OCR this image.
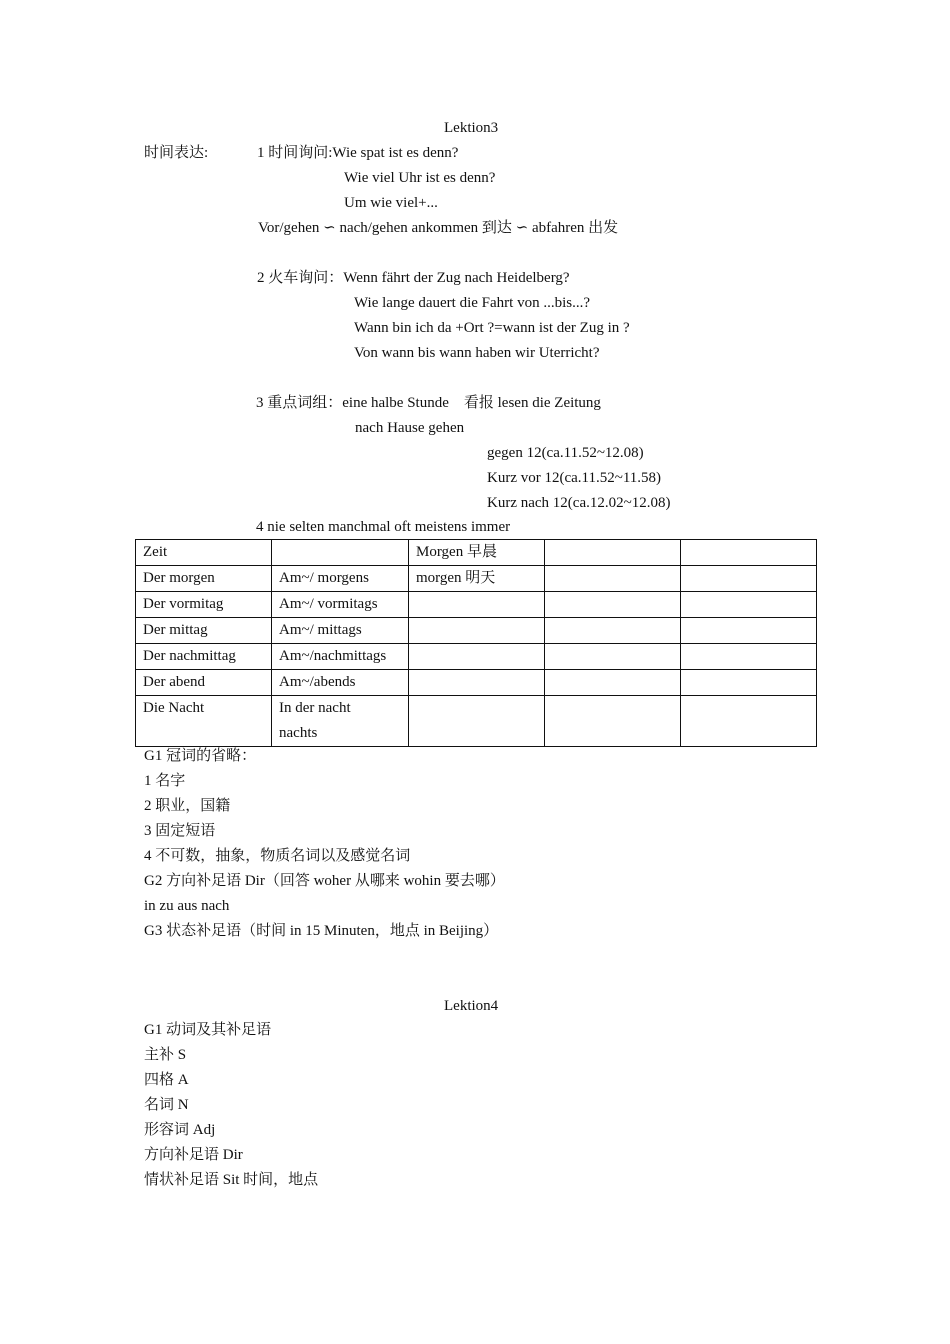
Lektion3
时间表达:	1 时间询问:Wie spat ist es denn?
Wie viel Uhr ist es denn?
Um wie viel+...
Vor/gehen ∽ nach/gehen ankommen 到达 ∽ abfahren 出发
2 火车询问：Wenn fährt der Zug nach Heidelberg?
Wie lange dauert die Fahrt von ...bis...?
Wann bin ich da +Ort ?=wann ist der Zug in ?
Von wann bis wann haben wir Uterricht?
3 重点词组：eine halbe Stunde　看报 lesen die Zeitung
nach Hause gehen
gegen 12(ca.11.52~12.08)
Kurz vor 12(ca.11.52~11.58)
Kurz nach 12(ca.12.02~12.08)
4 nie selten manchmal oft meistens immer
Zeit		Morgen 早晨		
Der morgen	Am~/ morgens	morgen 明天		
Der vormitag	Am~/ vormitags			
Der mittag	Am~/ mittags			
Der nachmittag	Am~/nachmittags			
Der abend	Am~/abends			
Die Nacht	In der nacht
nachts			

G1 冠词的省略：
1 名字
2 职业，国籍
3 固定短语
4 不可数，抽象，物质名词以及感觉名词
G2 方向补足语 Dir（回答 woher 从哪来 wohin 要去哪）
in zu aus nach
G3 状态补足语（时间 in 15 Minuten，地点 in Beijing）
Lektion4
G1 动词及其补足语
主补 S
四格 A
名词 N
形容词 Adj
方向补足语 Dir
情状补足语 Sit 时间，地点
